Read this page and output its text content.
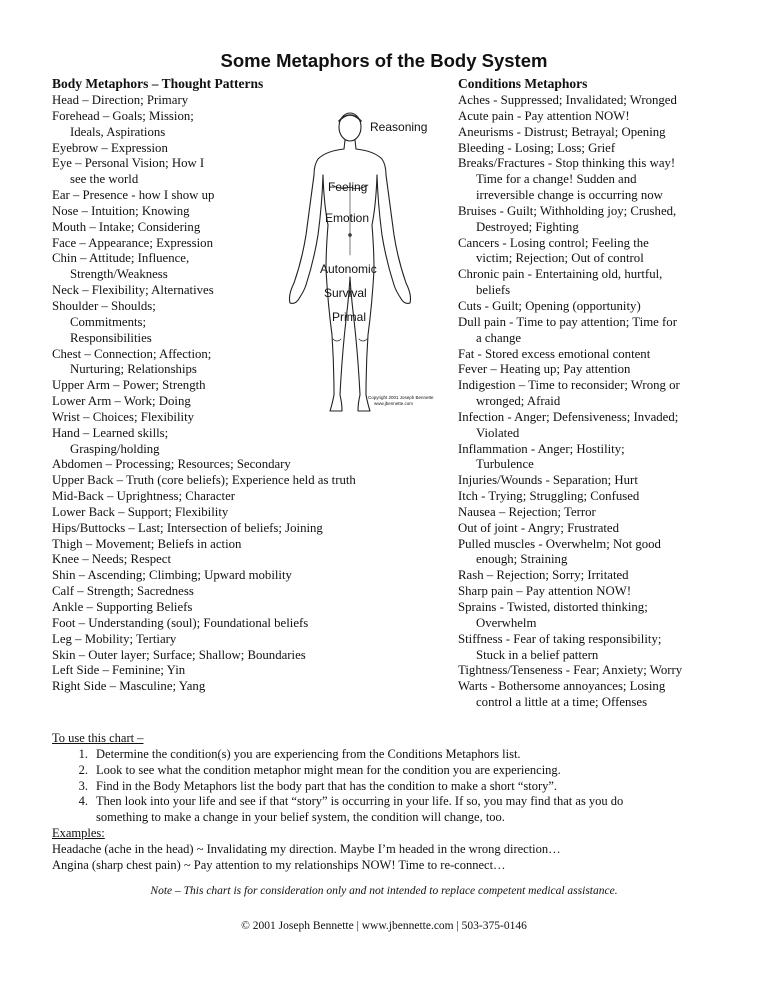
Some Metaphors of the Body System
Body Metaphors – Thought Patterns	Conditions Metaphors
Head – Direction; Primary
Forehead – Goals; Mission;
Ideals, Aspirations
Eyebrow – Expression
Eye – Personal Vision; How I
see the world
Ear – Presence - how I show up
Nose – Intuition; Knowing
Mouth – Intake; Considering
Face – Appearance; Expression
Chin – Attitude; Influence,
Strength/Weakness
Neck – Flexibility; Alternatives
Shoulder – Shoulds;
Commitments;
Responsibilities
Chest – Connection; Affection;
Nurturing; Relationships
Upper Arm – Power; Strength
Lower Arm – Work; Doing
Wrist – Choices; Flexibility
Hand – Learned skills;
Grasping/holding
Abdomen – Processing; Resources; Secondary
Upper Back – Truth (core beliefs); Experience held as truth
Mid-Back – Uprightness; Character
Lower Back – Support; Flexibility
Hips/Buttocks – Last; Intersection of beliefs; Joining
Thigh – Movement; Beliefs in action
Knee – Needs; Respect
Shin – Ascending; Climbing; Upward mobility
Calf – Strength; Sacredness
Ankle – Supporting Beliefs
Foot – Understanding (soul); Foundational beliefs
Leg – Mobility; Tertiary
Skin – Outer layer; Surface; Shallow; Boundaries
Left Side – Feminine; Yin
Right Side – Masculine; Yang
Aches - Suppressed; Invalidated; Wronged
Acute pain - Pay attention NOW!
Aneurisms - Distrust; Betrayal; Opening
Bleeding - Losing; Loss; Grief
Breaks/Fractures - Stop thinking this way!
Time for a change! Sudden and
irreversible change is occurring now
Bruises - Guilt; Withholding joy; Crushed,
Destroyed; Fighting
Cancers - Losing control; Feeling the
victim; Rejection; Out of control
Chronic pain - Entertaining old, hurtful,
beliefs
Cuts - Guilt; Opening (opportunity)
Dull pain - Time to pay attention; Time for
a change
Fat - Stored excess emotional content
Fever – Heating up; Pay attention
Indigestion – Time to reconsider; Wrong or
wronged; Afraid
Infection - Anger; Defensiveness; Invaded;
Violated
Inflammation - Anger; Hostility;
Turbulence
Injuries/Wounds - Separation; Hurt
Itch - Trying; Struggling; Confused
Nausea – Rejection; Terror
Out of joint - Angry; Frustrated
Pulled muscles - Overwhelm; Not good
enough; Straining
Rash – Rejection; Sorry; Irritated
Sharp pain – Pay attention NOW!
Sprains - Twisted, distorted thinking;
Overwhelm
Stiffness - Fear of taking responsibility;
Stuck in a belief pattern
Tightness/Tenseness - Fear; Anxiety; Worry
Warts - Bothersome annoyances; Losing
control a little at a time; Offenses
Reasoning
Feeling
Emotion
Autonomic
Survival
Primal
Copyright 2001 Joseph Bennette
www.jbennette.com
To use this chart –
1. Determine the condition(s) you are experiencing from the Conditions Metaphors list.
2. Look to see what the condition metaphor might mean for the condition you are experiencing.
3. Find in the Body Metaphors list the body part that has the condition to make a short “story”.
4. Then look into your life and see if that “story” is occurring in your life. If so, you may find that as you do
something to make a change in your belief system, the condition will change, too.
Examples:
Headache (ache in the head) ~ Invalidating my direction. Maybe I’m headed in the wrong direction…
Angina (sharp chest pain) ~ Pay attention to my relationships NOW! Time to re-connect…
Note – This chart is for consideration only and not intended to replace competent medical assistance.
© 2001 Joseph Bennette | www.jbennette.com | 503-375-0146
